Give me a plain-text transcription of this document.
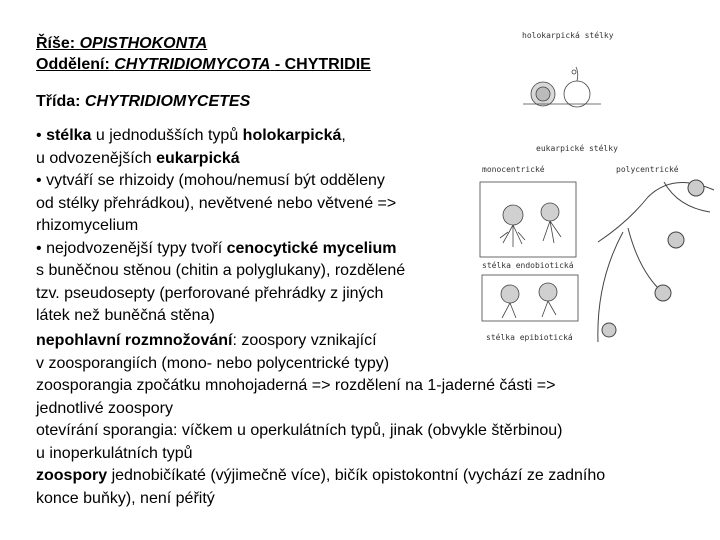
Říše: OPISTHOKONTA
Oddělení: CHYTRIDIOMYCOTA - CHYTRIDIE
Třída: CHYTRIDIOMYCETES
• stélka u jednodušších typů holokarpická,
u odvozenějších eukarpická
• vytváří se rhizoidy (mohou/nemusí být odděleny
od stélky přehrádkou), nevětvené nebo větvené =>
rhizomycelium
• nejodvozenější typy tvoří cenocytické mycelium
s buněčnou stěnou (chitin a polyglukany), rozdělené
tzv. pseudosepty (perforované přehrádky z jiných
látek než buněčná stěna)
nepohlavní rozmnožování: zoospory vznikající
v zoosporangiích (mono- nebo polycentrické typy)
zoosporangia zpočátku mnohojaderná => rozdělení na 1-jaderné části =>
jednotlivé zoospory
otevírání sporangia: víčkem u operkulátních typů, jinak (obvykle štěrbinou)
u inoperkulátních typů
zoospory jednobičíkaté (výjimečně více), bičík opistokontní (vychází ze zadního
konce buňky), není péřitý
holokarpická stélky
eukarpické stélky
monocentrické	polycentrické
stélka endobiotická
stélka epibiotická
